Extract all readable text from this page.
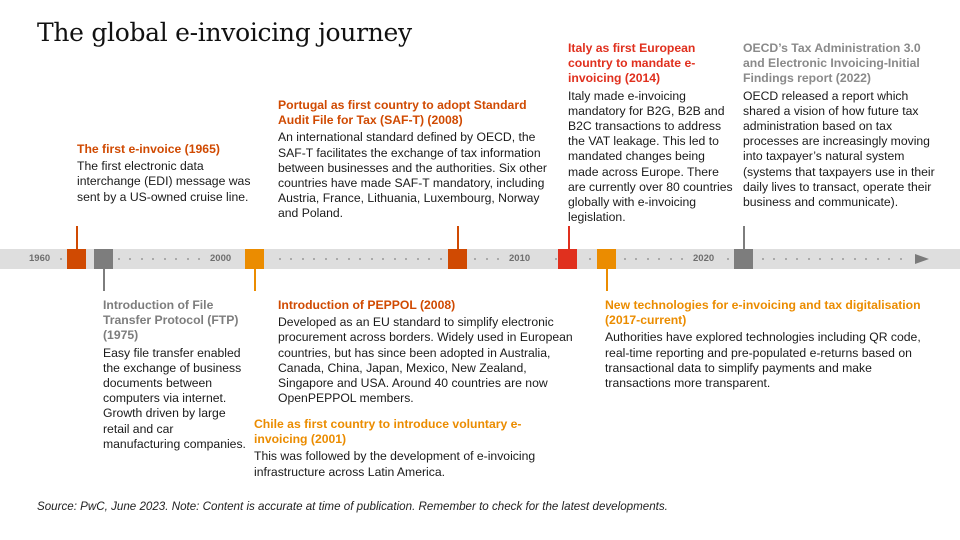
The global e-invoicing journey
1960	2000	2010	2020
The first e-invoice (1965)
The first electronic data interchange (EDI) message was sent by a US-owned cruise line.
Introduction of File Transfer Protocol (FTP) (1975)
Easy file transfer enabled the exchange of business documents between computers via internet. Growth driven by large retail and car manufacturing companies.
Chile as first country to introduce voluntary e-invoicing (2001)
This was followed by the development of e-invoicing infrastructure across Latin America.
Portugal as first country to adopt Standard Audit File for Tax (SAF-T) (2008)
An international standard defined by OECD, the SAF-T facilitates the exchange of tax information between businesses and the authorities. Six other countries have made SAF-T mandatory, including Austria, France, Lithuania, Luxembourg, Norway and Poland.
Introduction of PEPPOL (2008)
Developed as an EU standard to simplify electronic procurement across borders. Widely used in European countries, but has since been adopted in Australia, Canada, China, Japan, Mexico, New Zealand, Singapore and USA. Around 40 countries are now OpenPEPPOL members.
Italy as first European country to mandate e-invoicing (2014)
Italy made e-invoicing mandatory for B2G, B2B and B2C transactions to address the VAT leakage. This led to mandated changes being made across Europe. There are currently over 80 countries globally with e-invoicing legislation.
New technologies for e-invoicing and tax digitalisation (2017-current)
Authorities have explored technologies including QR code, real-time reporting and pre-populated e-returns based on transactional data to simplify payments and make transactions more transparent.
OECD’s Tax Administration 3.0 and Electronic Invoicing-Initial Findings report (2022)
OECD released a report which shared a vision of how future tax administration based on tax processes are increasingly moving into taxpayer’s natural system (systems that taxpayers use in their daily lives to transact, operate their business and communicate).
Source: PwC, June 2023. Note: Content is accurate at time of publication. Remember to check for the latest developments.
